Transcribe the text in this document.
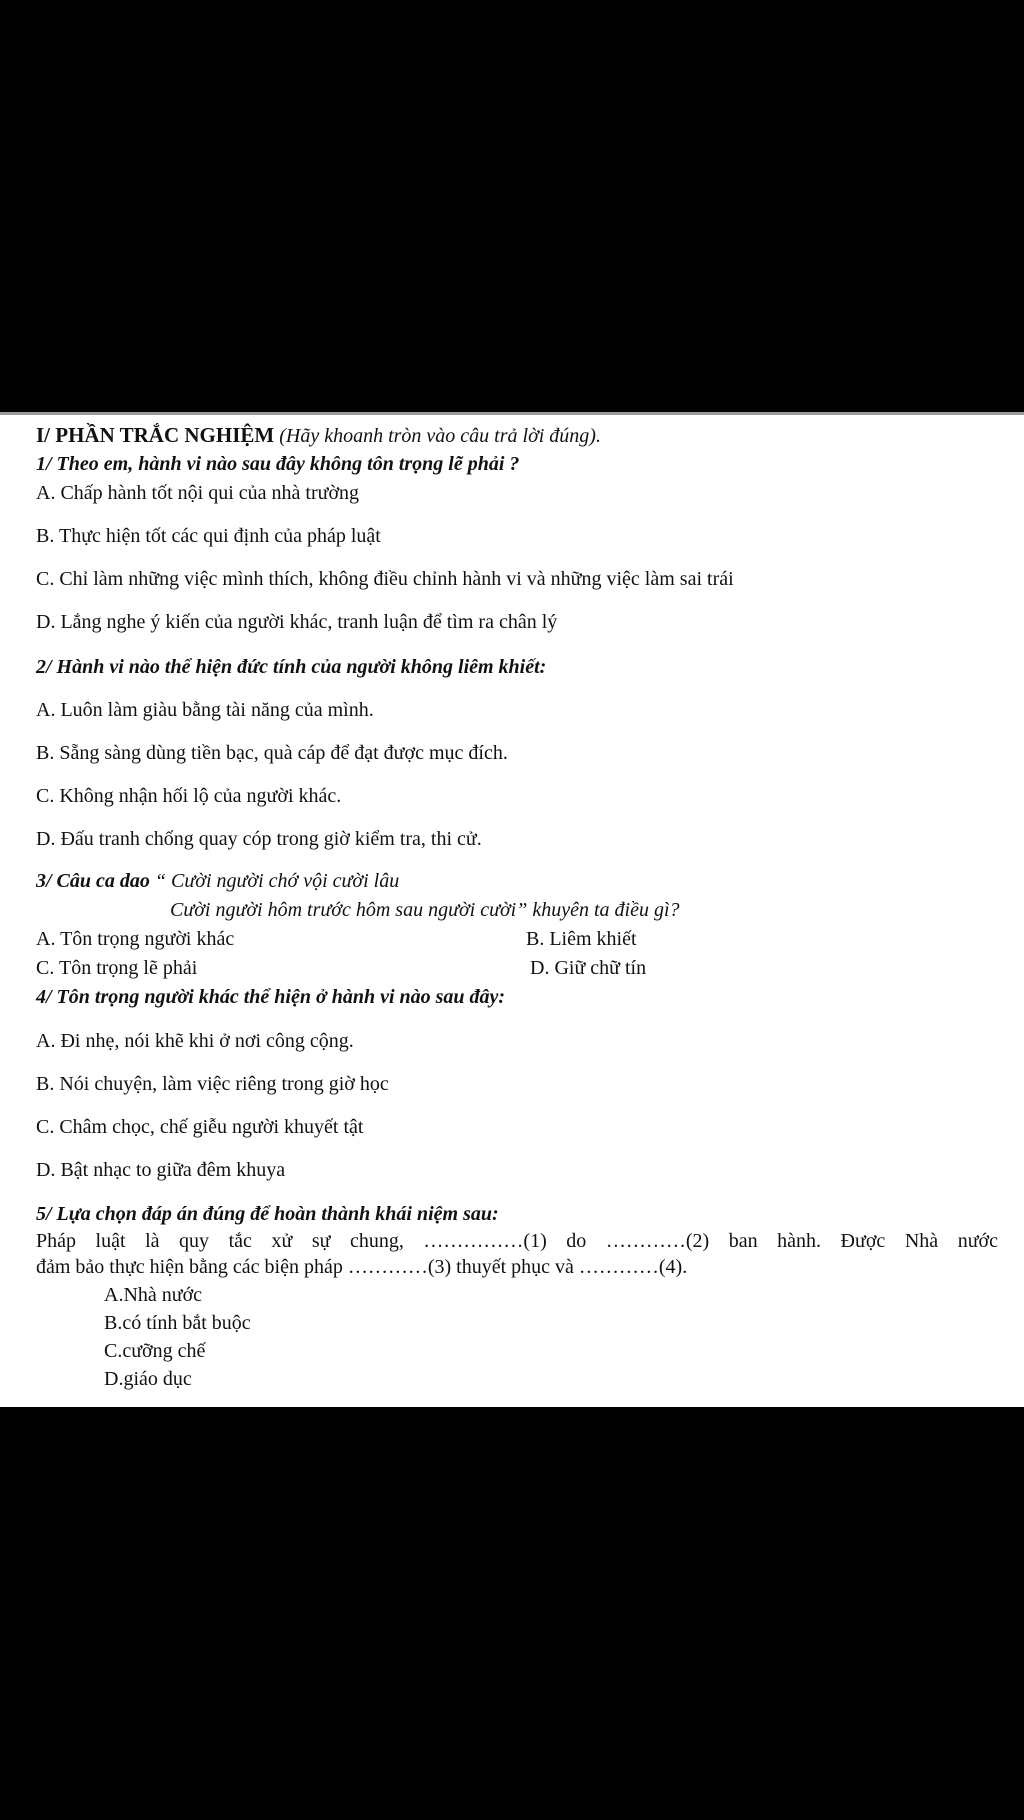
I/ PHẦN TRẮC NGHIỆM (Hãy khoanh tròn vào câu trả lời đúng).
1/ Theo em, hành vi nào sau đây không tôn trọng lẽ phải ?
A. Chấp hành tốt nội qui của nhà trường
B. Thực hiện tốt các qui định của pháp luật
C. Chỉ làm những việc mình thích, không điều chỉnh hành vi và những việc làm sai trái
D. Lắng nghe ý kiến của người khác, tranh luận để tìm ra chân lý
2/ Hành vi nào thể hiện đức tính của người không liêm khiết:
A. Luôn làm giàu bằng tài năng của mình.
B. Sẵng sàng dùng tiền bạc, quà cáp để đạt được mục đích.
C. Không nhận hối lộ của người khác.
D. Đấu tranh chống quay cóp trong giờ kiểm tra, thi cử.
3/ Câu ca dao “ Cười người chớ vội cười lâu
Cười người hôm trước hôm sau người cười” khuyên ta điều gì?
A. Tôn trọng người khác	B. Liêm khiết
C. Tôn trọng lẽ phải	D. Giữ chữ tín
4/ Tôn trọng người khác thể hiện ở hành vi nào sau đây:
A. Đi nhẹ, nói khẽ khi ở nơi công cộng.
B. Nói chuyện, làm việc riêng trong giờ học
C. Châm chọc, chế giễu người khuyết tật
D. Bật nhạc to giữa đêm khuya
5/ Lựa chọn đáp án đúng để hoàn thành khái niệm sau:
Pháp luật là quy tắc xử sự chung, ……………(1) do …………(2) ban hành. Được Nhà nước
đảm bảo thực hiện bằng các biện pháp …………(3) thuyết phục và …………(4).
A.Nhà nước
B.có tính bắt buộc
C.cưỡng chế
D.giáo dục
